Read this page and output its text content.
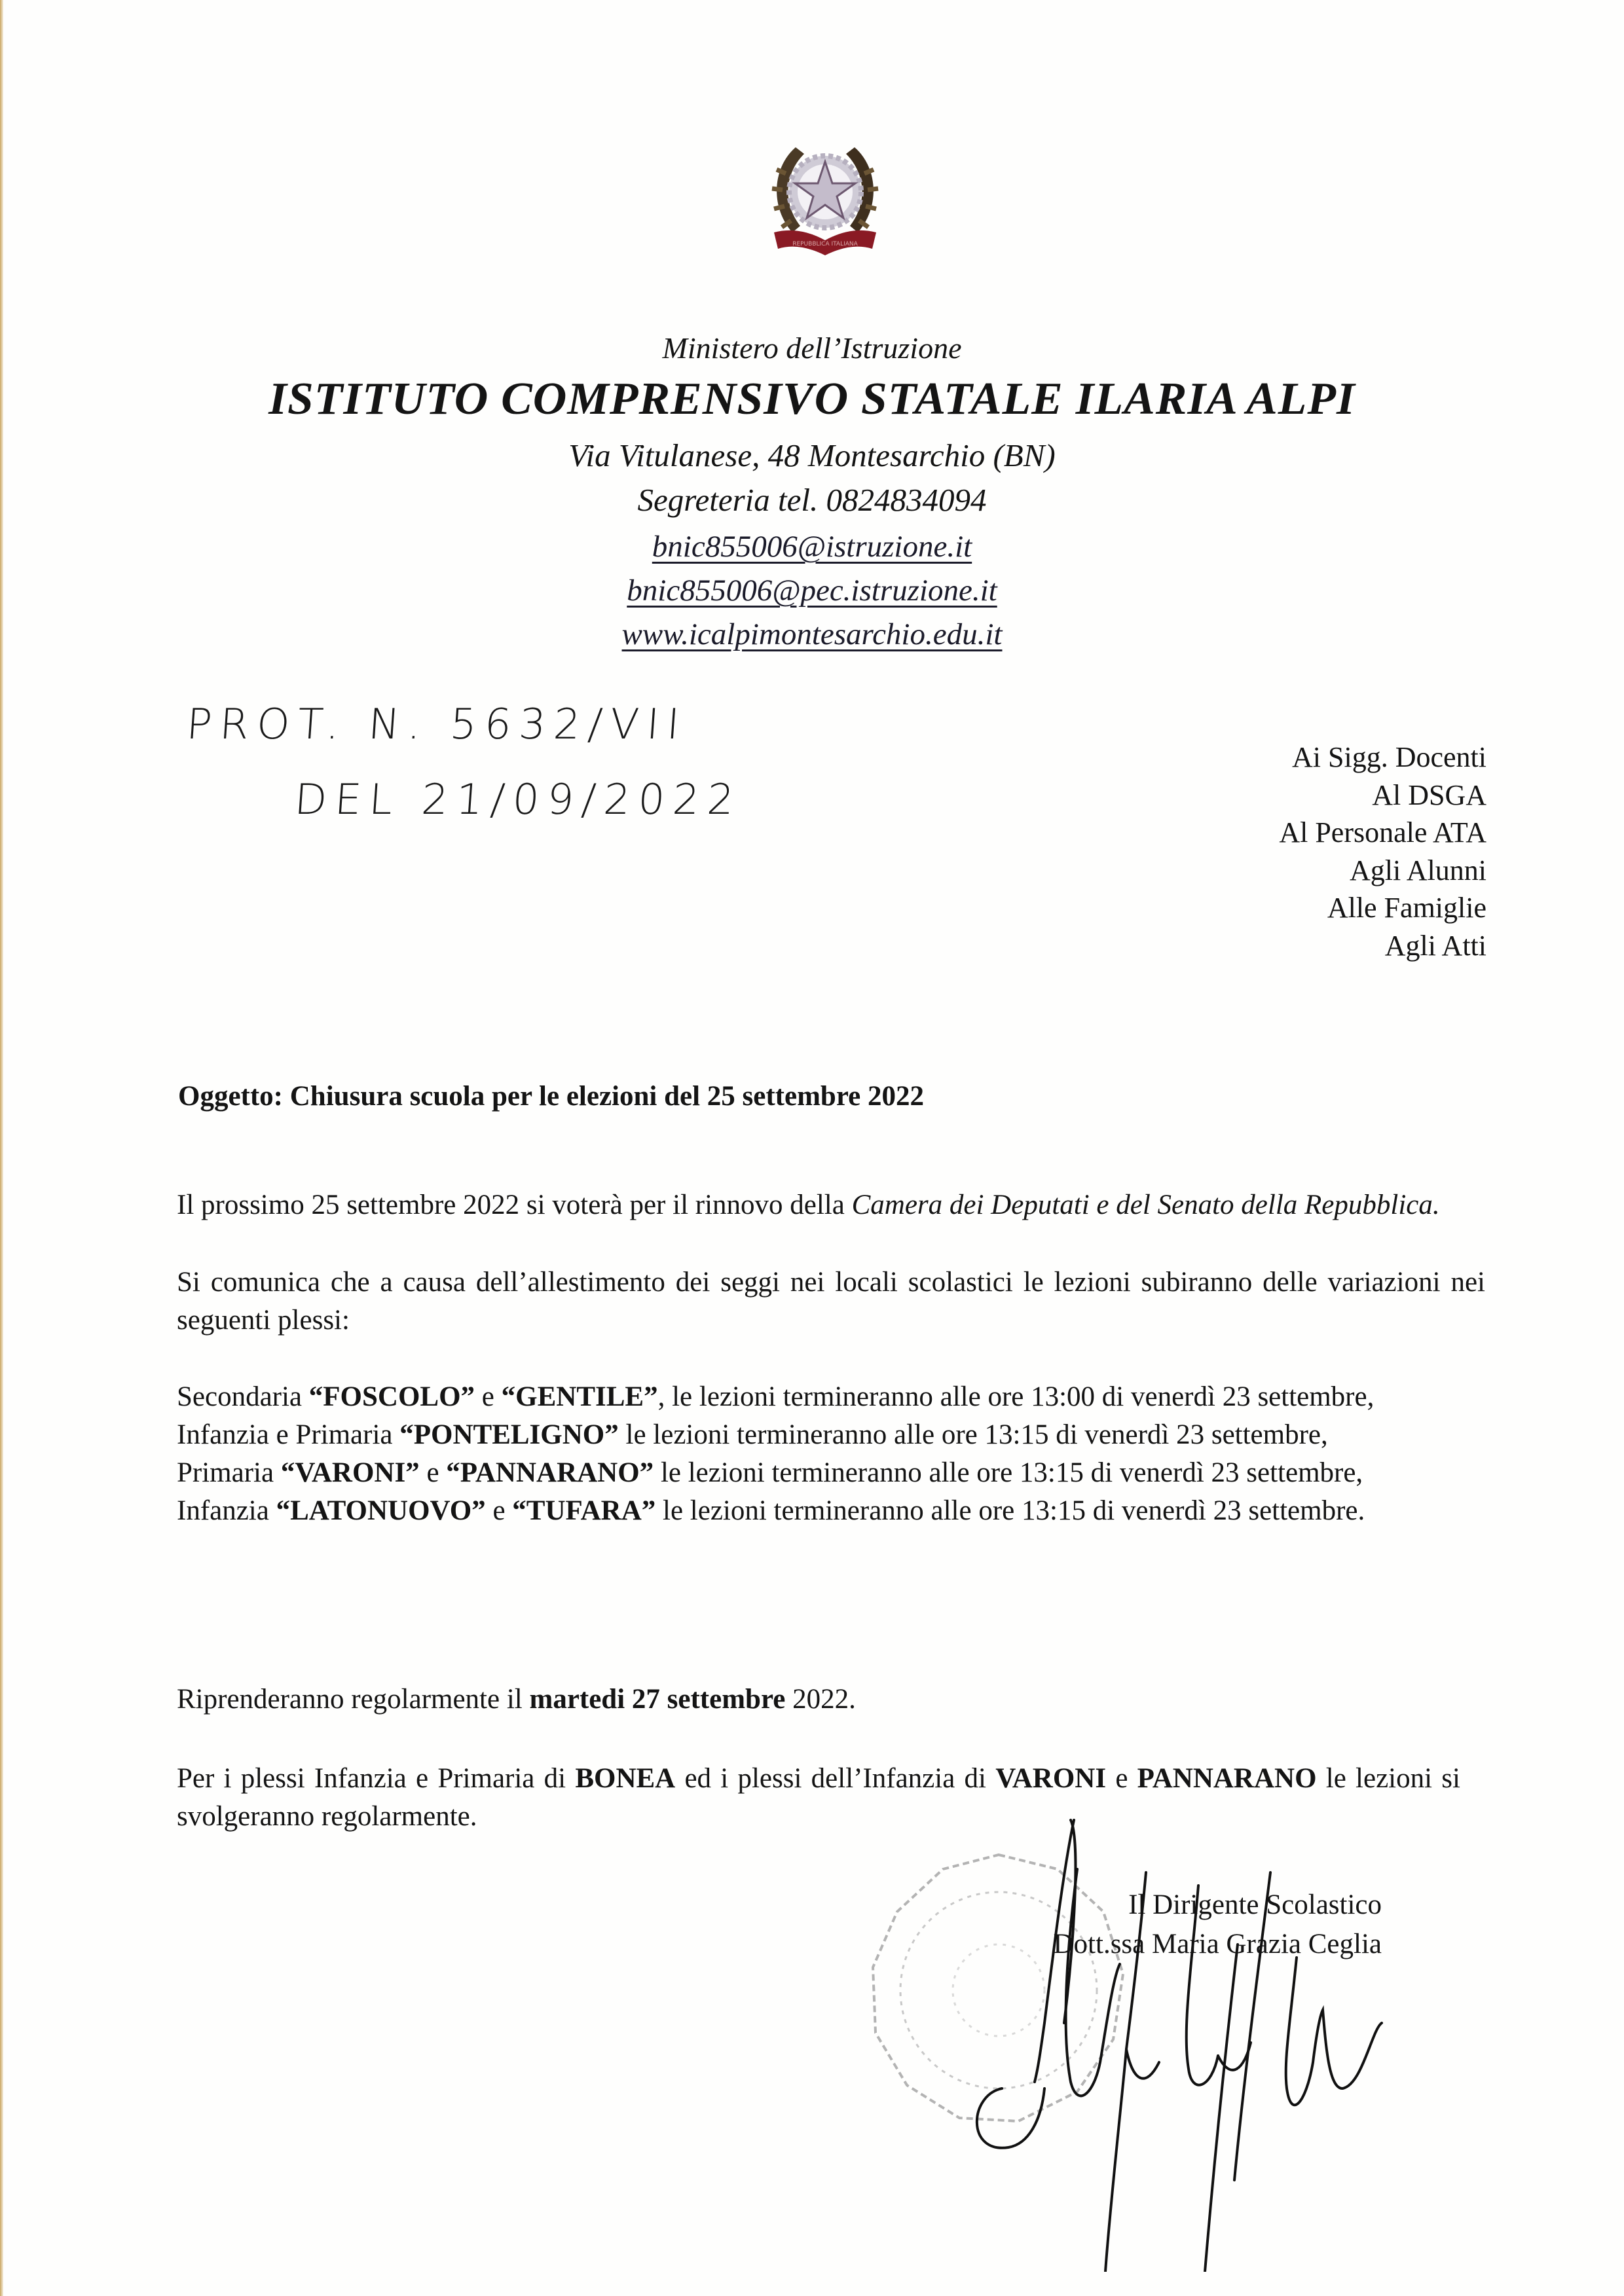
REPUBBLICA ITALIANA
Ministero dell’Istruzione
ISTITUTO COMPRENSIVO STATALE ILARIA ALPI
Via Vitulanese, 48 Montesarchio (BN)
Segreteria tel. 0824834094
bnic855006@istruzione.it
bnic855006@pec.istruzione.it
www.icalpimontesarchio.edu.it
PROT. N. 5632/VII
DEL 21/09/2022
Ai Sigg. Docenti
Al DSGA
Al Personale ATA
Agli Alunni
Alle Famiglie
Agli Atti
Oggetto: Chiusura scuola per le elezioni del 25 settembre 2022

Il prossimo 25 settembre 2022 si voterà per il rinnovo della Camera dei Deputati e del Senato della Repubblica.

Si comunica che a causa dell’allestimento dei seggi nei locali scolastici le lezioni subiranno delle variazioni nei seguenti plessi:

Secondaria “FOSCOLO” e “GENTILE”, le lezioni termineranno alle ore 13:00 di venerdì 23 settembre,

Infanzia e Primaria “PONTELIGNO” le lezioni termineranno alle ore 13:15 di venerdì 23 settembre,

Primaria “VARONI” e “PANNARANO” le lezioni termineranno alle ore 13:15 di venerdì 23 settembre,

Infanzia “LATONUOVO” e “TUFARA” le lezioni termineranno alle ore 13:15 di venerdì 23 settembre.

Riprenderanno regolarmente il martedi 27 settembre 2022.

Per i plessi Infanzia e Primaria di BONEA ed i plessi dell’Infanzia di VARONI e PANNARANO le lezioni si svolgeranno regolarmente.

Il Dirigente Scolastico
Dott.ssa Maria Grazia Ceglia
